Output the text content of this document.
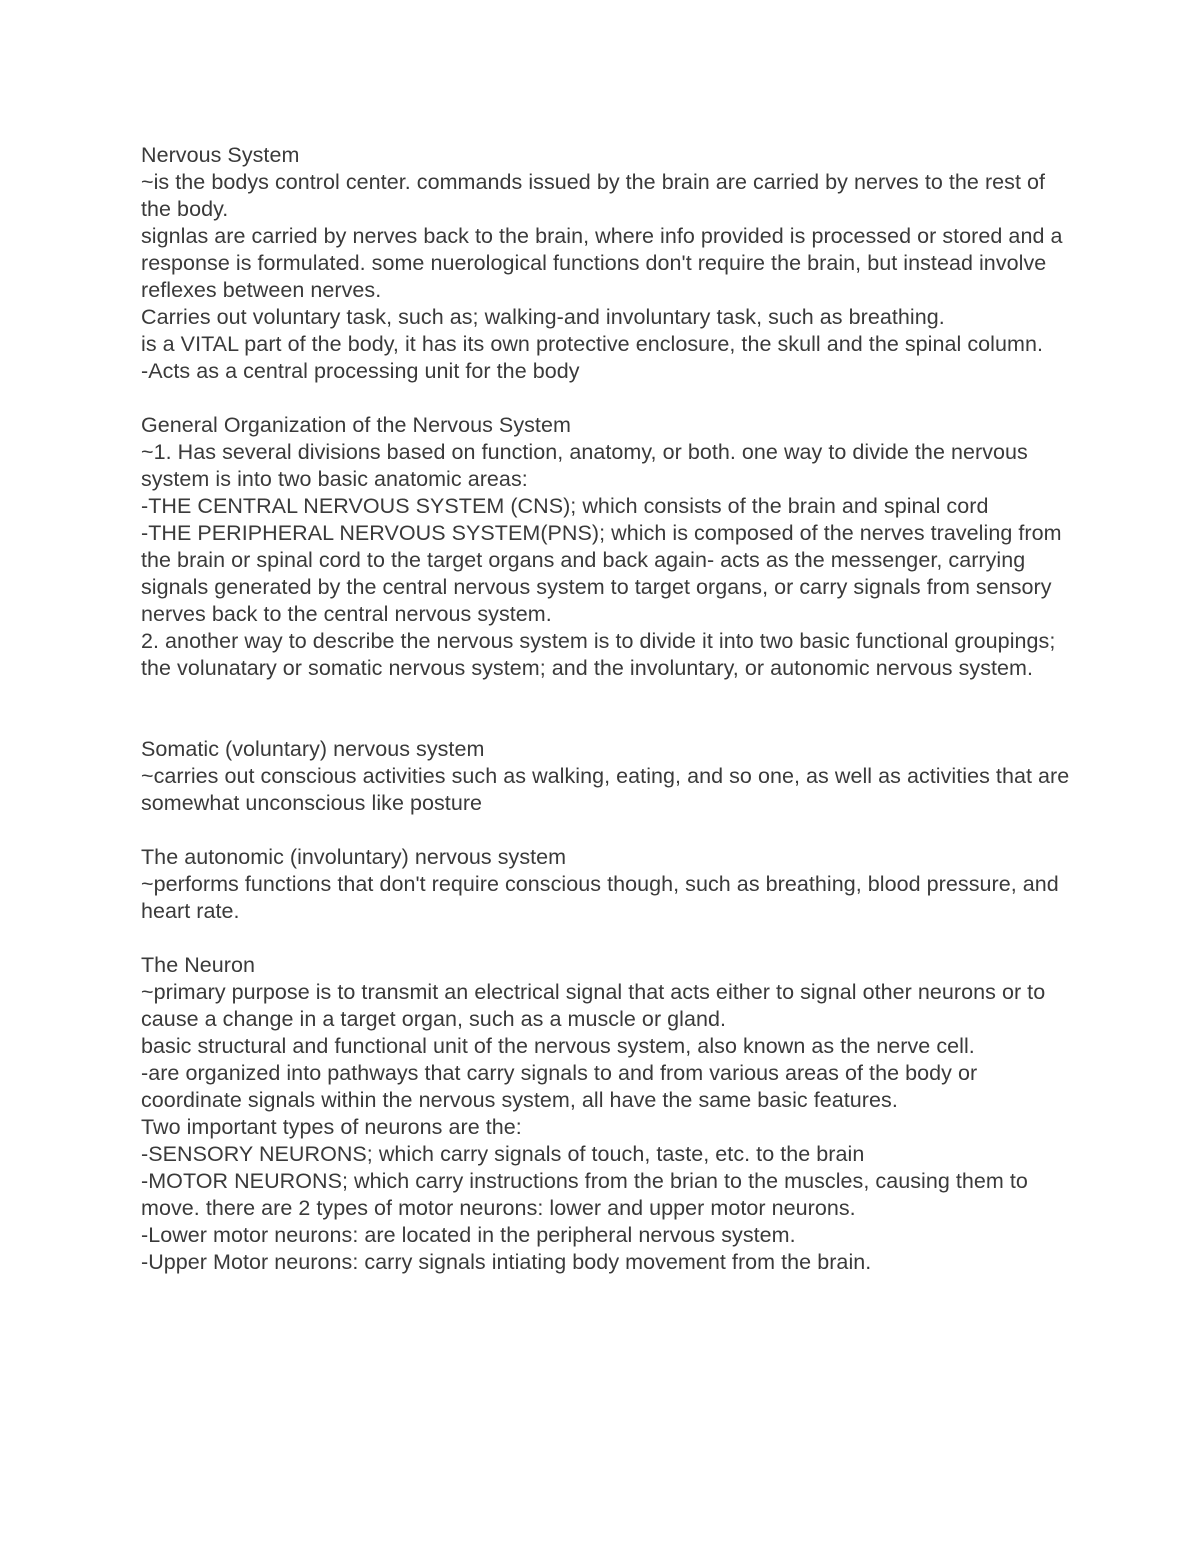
Nervous System
~is the bodys control center. commands issued by the brain are carried by nerves to the rest of the body.
signlas are carried by nerves back to the brain, where info provided is processed or stored and a response is formulated. some nuerological functions don't require the brain, but instead involve reflexes between nerves.
Carries out voluntary task, such as; walking-and involuntary task, such as breathing.
is a VITAL part of the body, it has its own protective enclosure, the skull and the spinal column.
-Acts as a central processing unit for the body
General Organization of the Nervous System
~1. Has several divisions based on function, anatomy, or both. one way to divide the nervous system is into two basic anatomic areas:
-THE CENTRAL NERVOUS SYSTEM (CNS); which consists of the brain and spinal cord
-THE PERIPHERAL NERVOUS SYSTEM(PNS); which is composed of the nerves traveling from the brain or spinal cord to the target organs and back again- acts as the messenger, carrying signals generated by the central nervous system to target organs, or carry signals from sensory nerves back to the central nervous system.
2. another way to describe the nervous system is to divide it into two basic functional groupings; the volunatary or somatic nervous system; and the involuntary, or autonomic nervous system.
Somatic (voluntary) nervous system
~carries out conscious activities such as walking, eating, and so one, as well as activities that are somewhat unconscious like posture
The autonomic (involuntary) nervous system
~performs functions that don't require conscious though, such as breathing, blood pressure, and heart rate.
The Neuron
~primary purpose is to transmit an electrical signal that acts either to signal other neurons or to cause a change in a target organ, such as a muscle or gland.
basic structural and functional unit of the nervous system, also known as the nerve cell.
-are organized into pathways that carry signals to and from various areas of the body or coordinate signals within the nervous system, all have the same basic features.
Two important types of neurons are the:
-SENSORY NEURONS; which carry signals of touch, taste, etc. to the brain
-MOTOR NEURONS; which carry instructions from the brian to the muscles, causing them to move. there are 2 types of motor neurons: lower and upper motor neurons.
-Lower motor neurons: are located in the peripheral nervous system.
-Upper Motor neurons: carry signals intiating body movement from the brain.
